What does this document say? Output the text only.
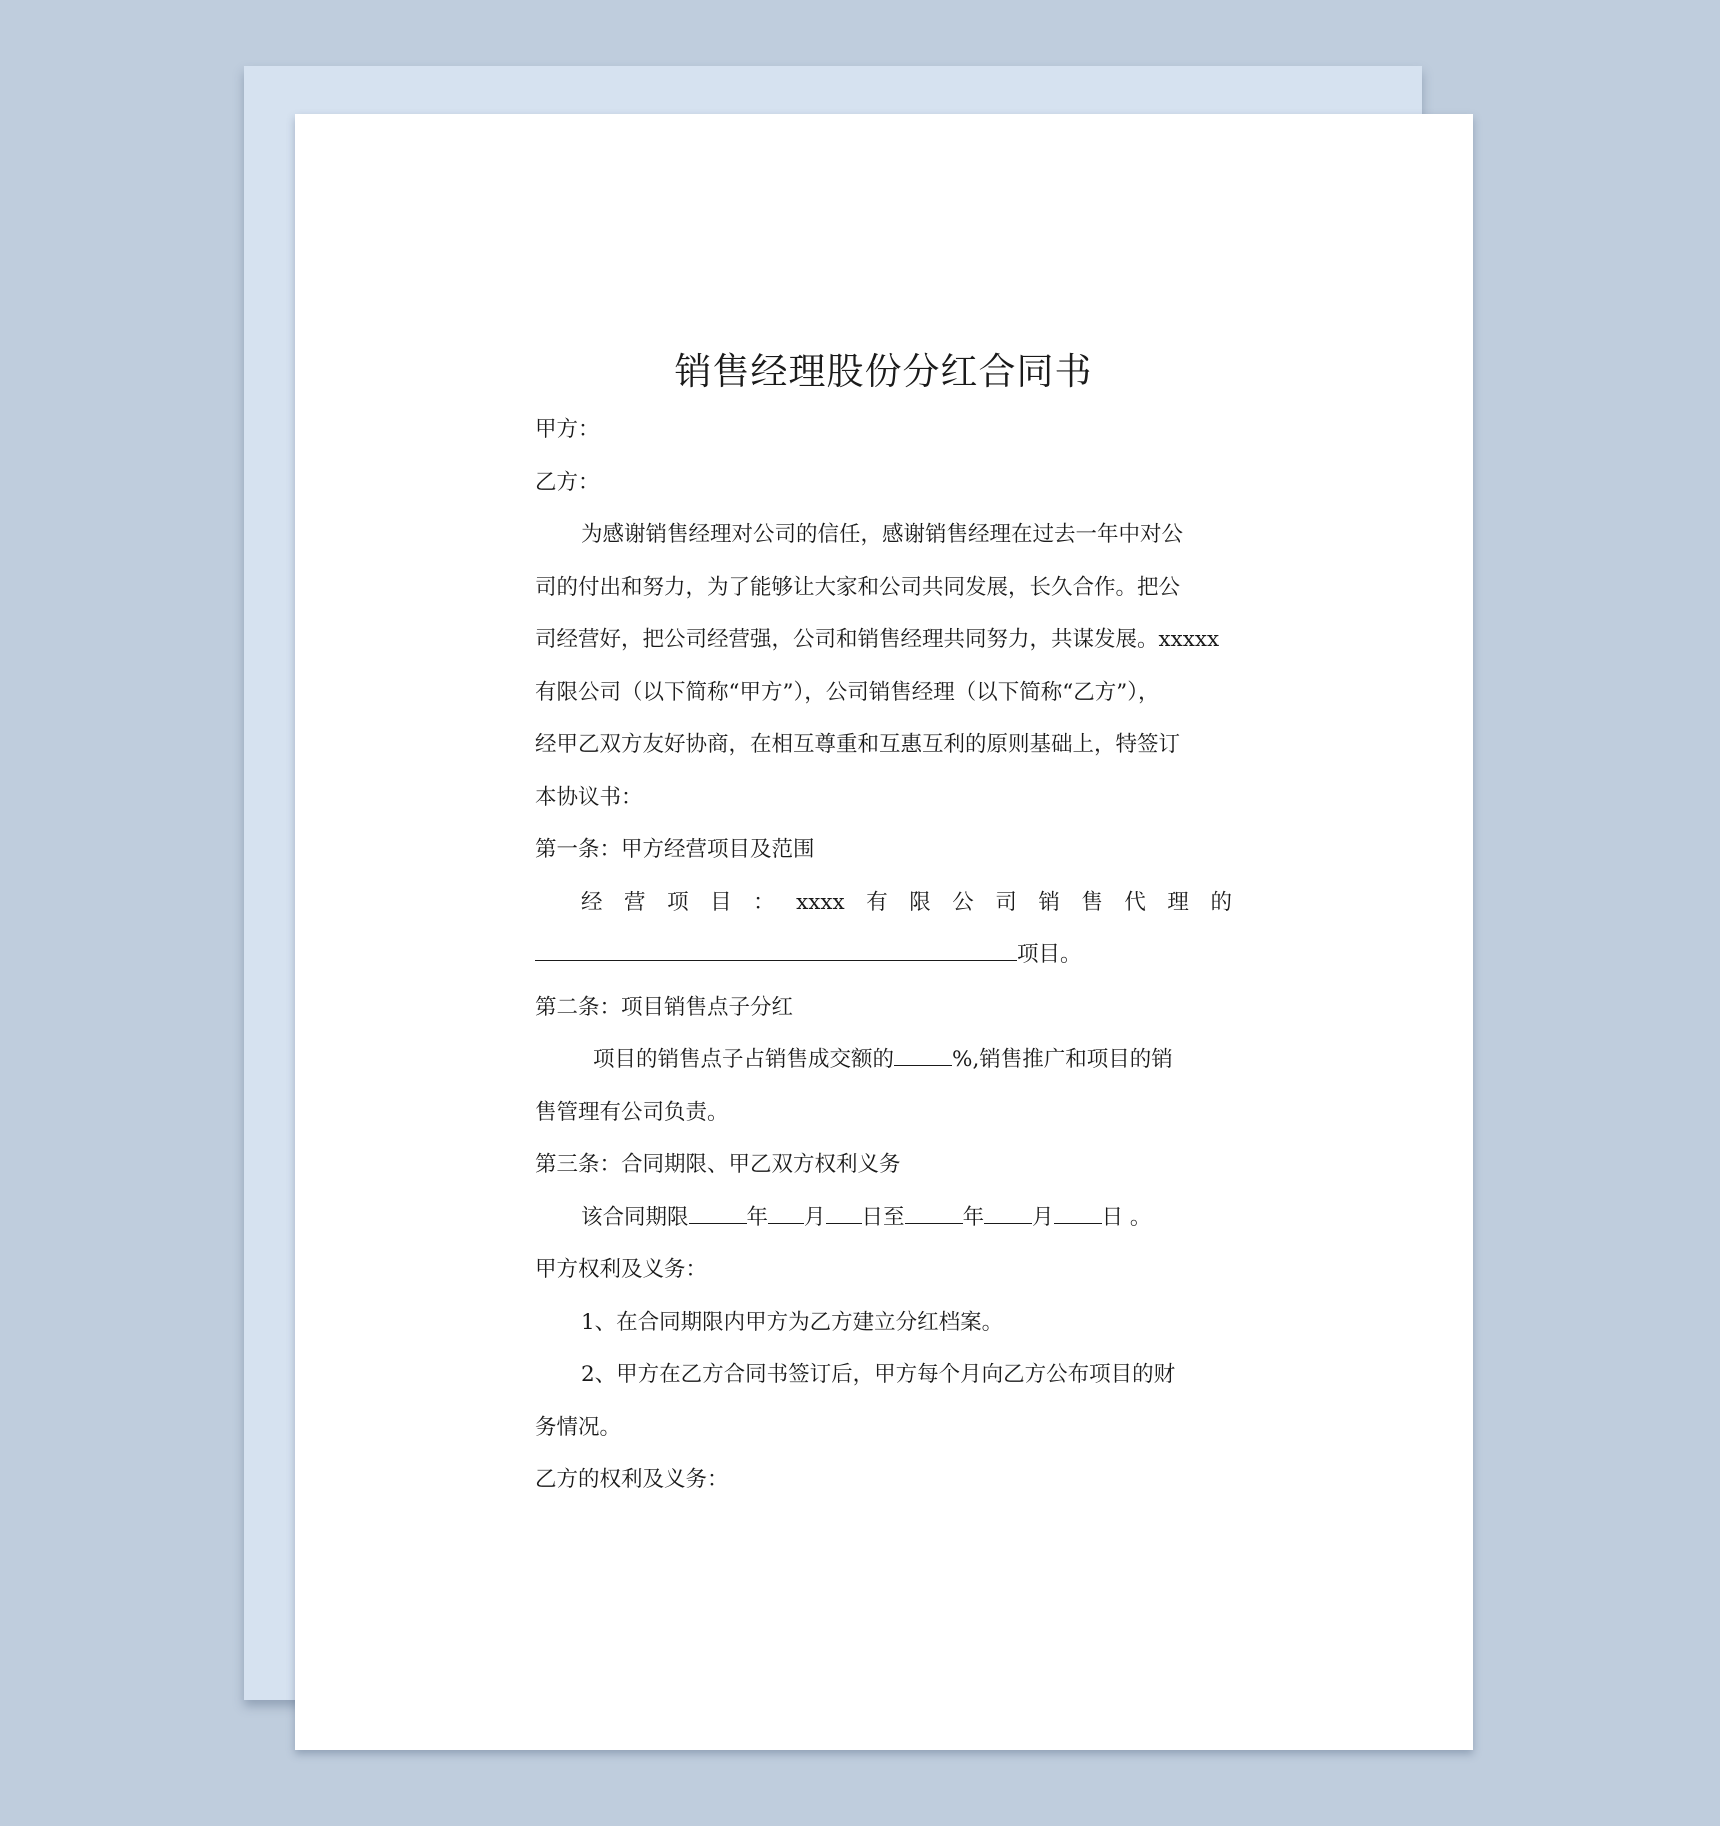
销售经理股份分红合同书
甲方：
乙方：
为感谢销售经理对公司的信任，感谢销售经理在过去一年中对公
司的付出和努力，为了能够让大家和公司共同发展，长久合作。把公
司经营好，把公司经营强，公司和销售经理共同努力，共谋发展。xxxxx
有限公司（以下简称“甲方”），公司销售经理（以下简称“乙方”），
经甲乙双方友好协商，在相互尊重和互惠互利的原则基础上，特签订
本协议书：
第一条：甲方经营项目及范围
经 营 项 目 ： xxxx 有 限 公 司 销 售 代 理 的
项目。
第二条：项目销售点子分红
项目的销售点子占销售成交额的	%,销售推广和项目的销
售管理有公司负责。
第三条：合同期限、甲乙双方权利义务
该合同期限	年 月 日至	年 月 日 。
甲方权利及义务：
1、在合同期限内甲方为乙方建立分红档案。
2、甲方在乙方合同书签订后，甲方每个月向乙方公布项目的财
务情况。
乙方的权利及义务：
